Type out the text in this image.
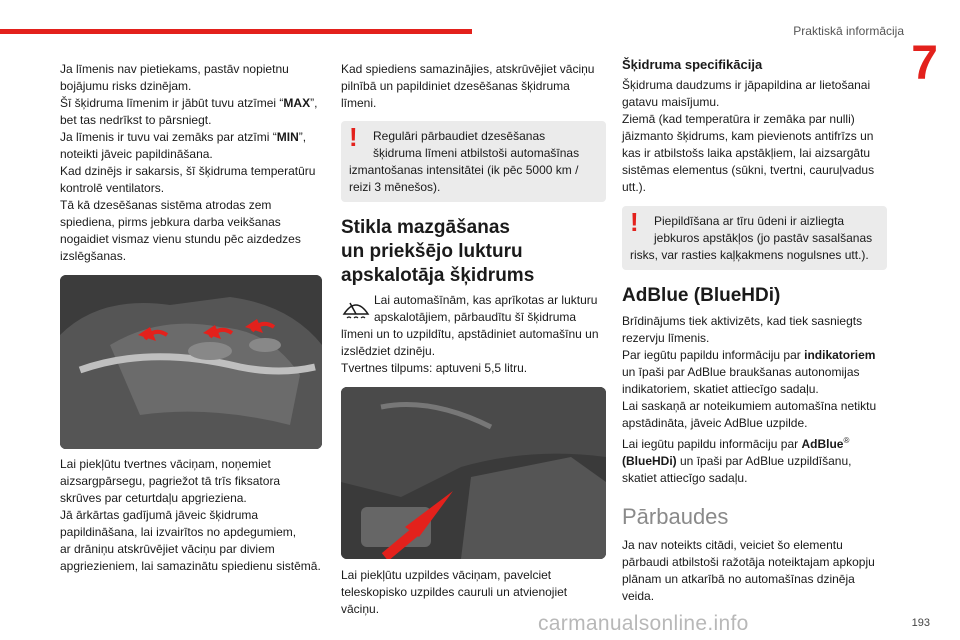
Praktiskā informācija
7

Ja līmenis nav pietiekams, pastāv nopietnu
bojājumu risks dzinējam.
Šī šķidruma līmenim ir jābūt tuvu atzīmei “MAX”,
bet tas nedrīkst to pārsniegt.
Ja līmenis ir tuvu vai zemāks par atzīmi “MIN”,
noteikti jāveic papildināšana.
Kad dzinējs ir sakarsis, šī šķidruma temperatūru
kontrolē ventilators.
Tā kā dzesēšanas sistēma atrodas zem
spiediena, pirms jebkura darba veikšanas
nogaidiet vismaz vienu stundu pēc aizdedzes
izslēgšanas.

Lai piekļūtu tvertnes vāciņam, noņemiet
aizsargpārsegu, pagriežot tā trīs fiksatora
skrūves par ceturtdaļu apgrieziena.
Jā ārkārtas gadījumā jāveic šķidruma
papildināšana, lai izvairītos no apdegumiem,
ar drāniņu atskrūvējiet vāciņu par diviem
apgriezieniem, lai samazinātu spiedienu sistēmā.

Kad spiediens samazinājies, atskrūvējiet vāciņu
pilnībā un papildiniet dzesēšanas šķidruma
līmeni.

!	Regulāri pārbaudiet dzesēšanas
šķidruma līmeni atbilstoši automašīnas
izmantošanas intensitātei (ik pēc 5000 km /
reizi 3 mēnešos).

Stikla mazgāšanas
un priekšējo lukturu
apskalotāja šķidrums

Lai automašīnām, kas aprīkotas ar lukturu
apskalotājiem, pārbaudītu šī šķidruma
līmeni un to uzpildītu, apstādiniet automašīnu un
izslēdziet dzinēju.
Tvertnes tilpums: aptuveni 5,5 litru.

Lai piekļūtu uzpildes vāciņam, pavelciet
teleskopisko uzpildes cauruli un atvienojiet
vāciņu.

Šķidruma specifikācija

Šķidruma daudzums ir jāpapildina ar lietošanai
gatavu maisījumu.
Ziemā (kad temperatūra ir zemāka par nulli)
jāizmanto šķidrums, kam pievienots antifrīzs un
kas ir atbilstošs laika apstākļiem, lai aizsargātu
sistēmas elementus (sūkni, tvertni, cauruļvadus
utt.).

!	Piepildīšana ar tīru ūdeni ir aizliegta
jebkuros apstākļos (jo pastāv sasalšanas
risks, var rasties kaļķakmens nogulsnes utt.).

AdBlue (BlueHDi)

Brīdinājums tiek aktivizēts, kad tiek sasniegts
rezervju līmenis.
Par iegūtu papildu informāciju par indikatoriem
un īpaši par AdBlue braukšanas autonomijas
indikatoriem, skatiet attiecīgo sadaļu.
Lai saskaņā ar noteikumiem automašīna netiktu
apstādināta, jāveic AdBlue uzpilde.
Lai iegūtu papildu informāciju par AdBlue®
(BlueHDi) un īpaši par AdBlue uzpildīšanu,
skatiet attiecīgo sadaļu.

Pārbaudes

Ja nav noteikts citādi, veiciet šo elementu
pārbaudi atbilstoši ražotāja noteiktajam apkopju
plānam un atkarībā no automašīnas dzinēja
veida.

carmanualsonline.info	193
